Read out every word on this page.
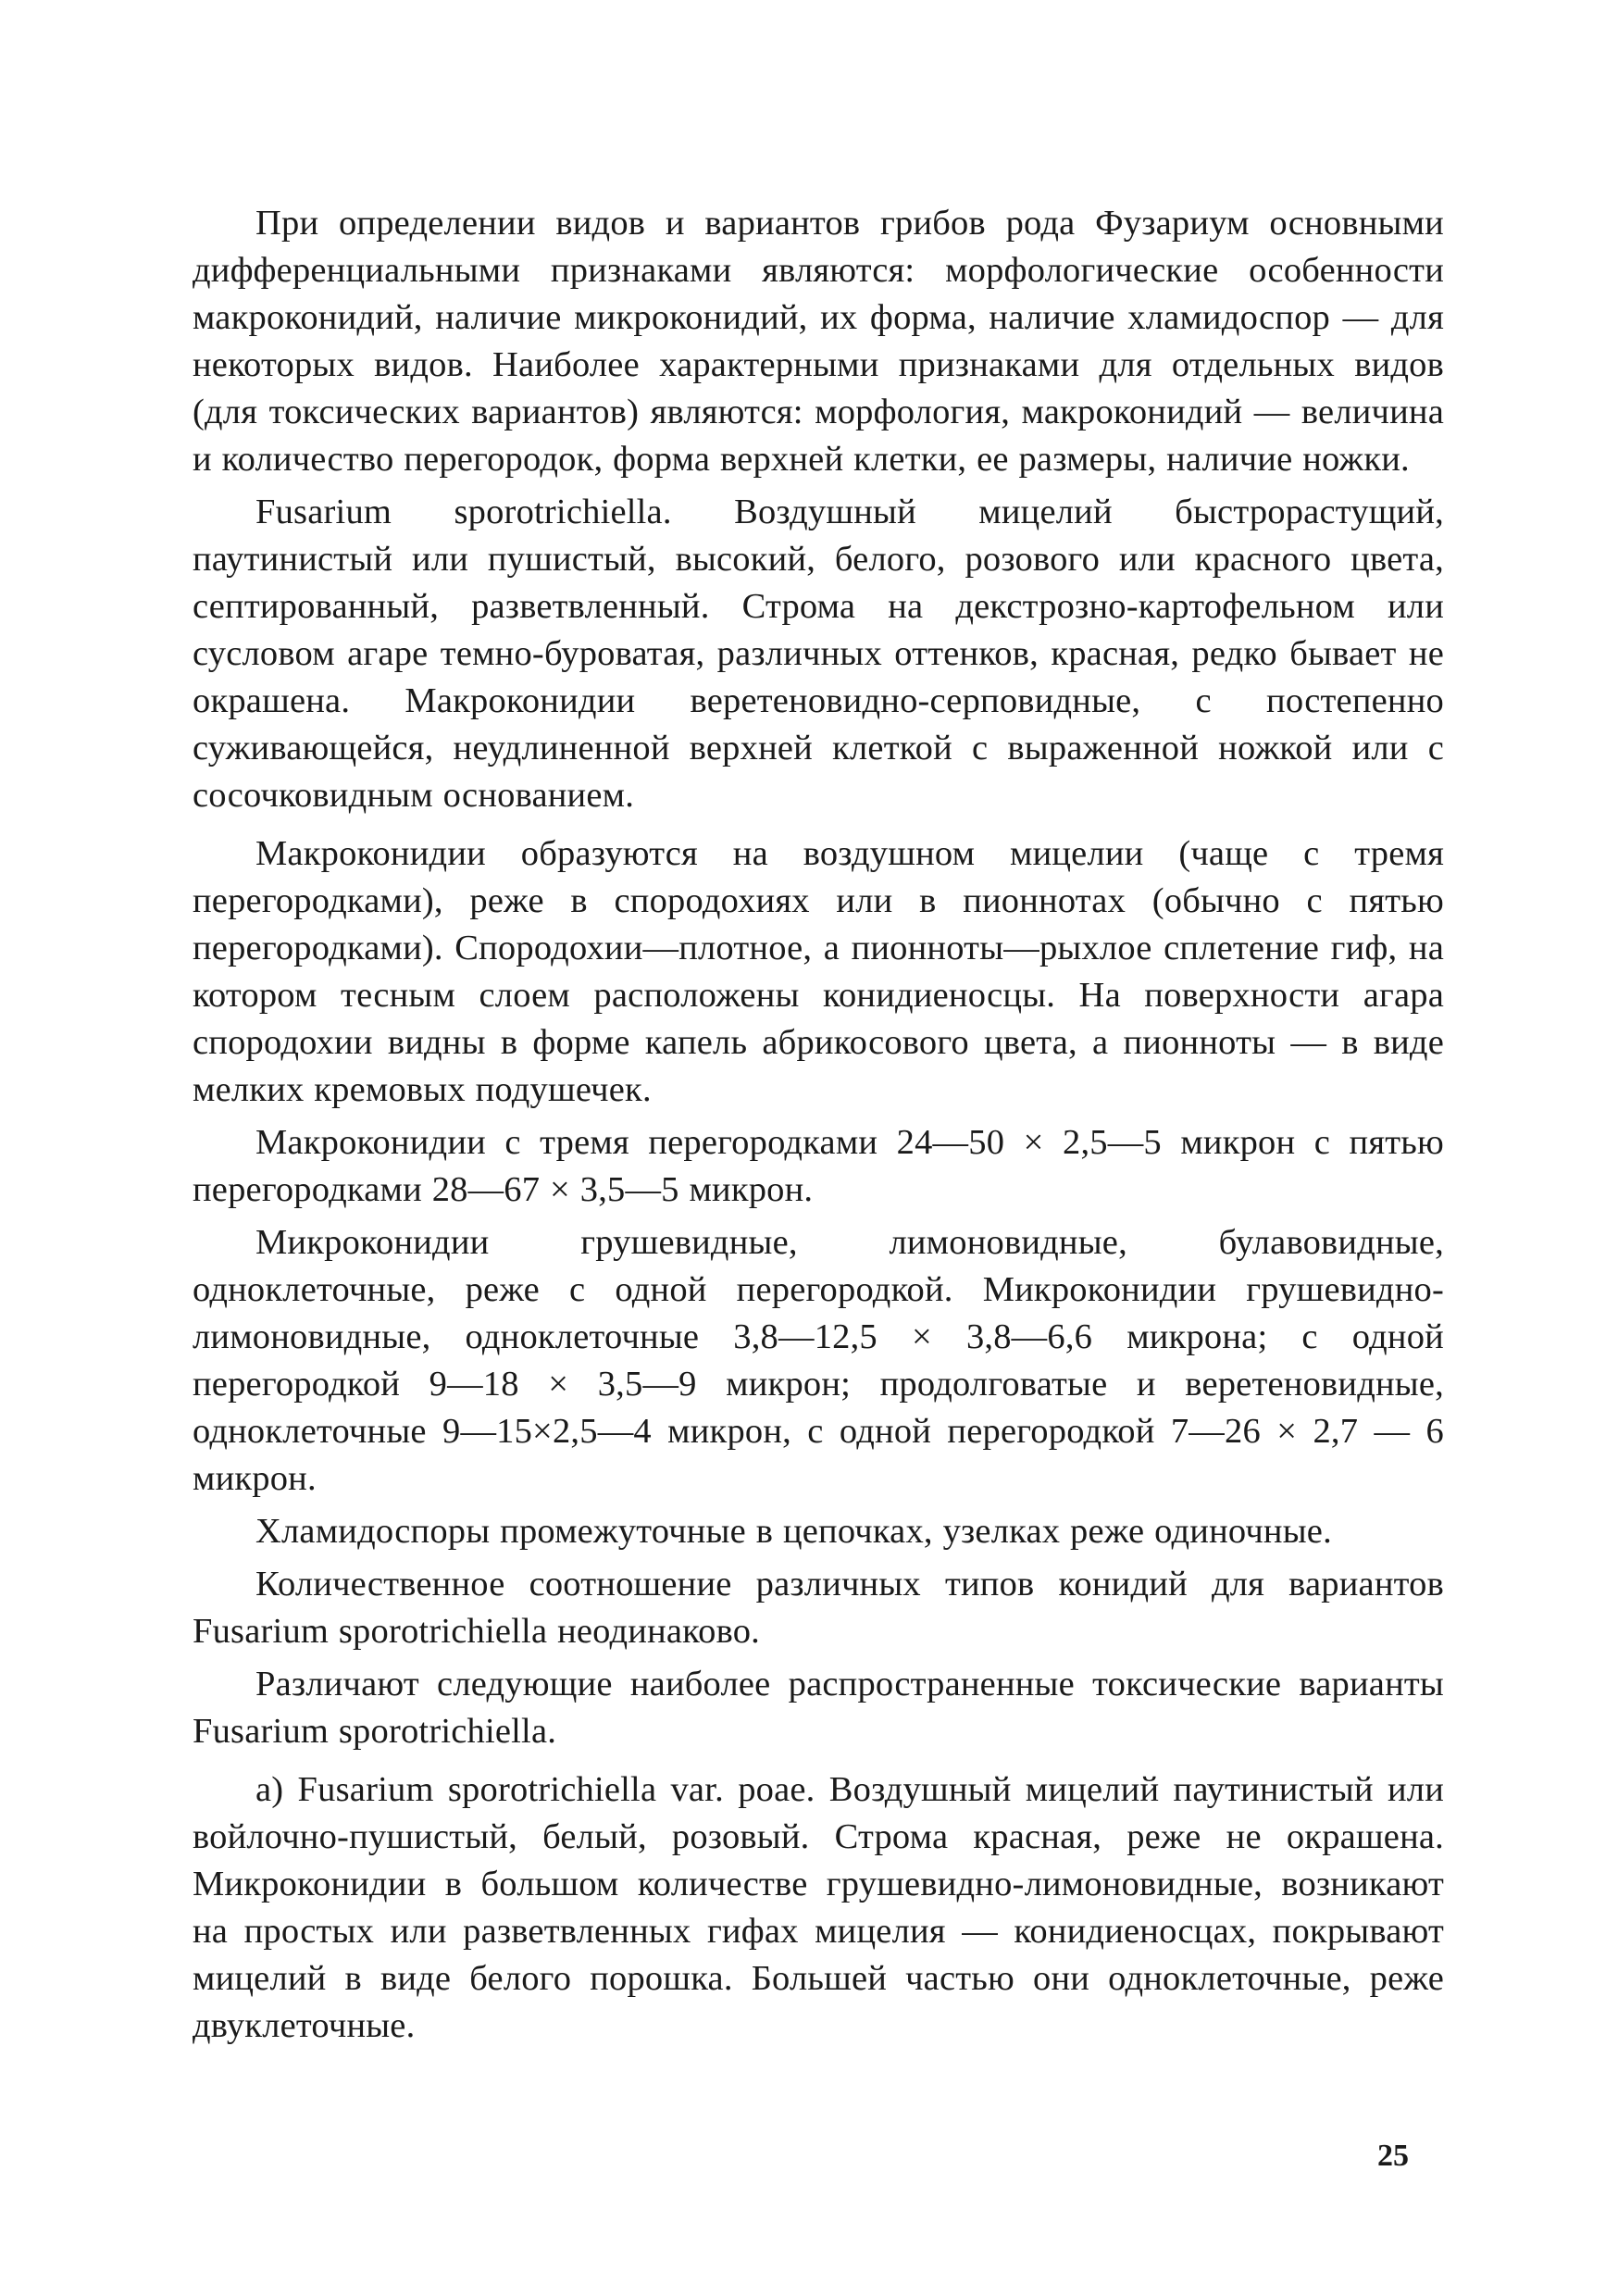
При определении видов и вариантов грибов рода Фузариум основными дифференциальными признаками являются: морфологические особенности макроконидий, наличие микроконидий, их форма, наличие хламидоспор — для некоторых видов. Наиболее характерными признаками для отдельных видов (для токсических вариантов) являются: морфология, макроконидий — величина и количество перегородок, форма верхней клетки, ее размеры, наличие ножки.

Fusarium sporotrichiella. Воздушный мицелий быстрорастущий, паутинистый или пушистый, высокий, белого, розового или красного цвета, септированный, разветвленный. Строма на декстрозно-картофельном или сусловом агаре темно-буроватая, различных оттенков, красная, редко бывает не окрашена. Макроконидии веретеновидно-серповидные, с постепенно суживающейся, неудлиненной верхней клеткой с выраженной ножкой или с сосочковидным основанием.

Макроконидии образуются на воздушном мицелии (чаще с тремя перегородками), реже в спородохиях или в пионнотах (обычно с пятью перегородками). Спородохии—плотное, а пионноты—рыхлое сплетение гиф, на котором тесным слоем расположены конидиеносцы. На поверхности агара спородохии видны в форме капель абрикосового цвета, а пионноты — в виде мелких кремовых подушечек.

Макроконидии с тремя перегородками 24—50 × 2,5—5 микрон с пятью перегородками 28—67 × 3,5—5 микрон.

Микроконидии грушевидные, лимоновидные, булавовидные, одноклеточные, реже с одной перегородкой. Микроконидии грушевидно-лимоновидные, одноклеточные 3,8—12,5 × 3,8—6,6 микрона; с одной перегородкой 9—18 × 3,5—9 микрон; продолговатые и веретеновидные, одноклеточные 9—15×2,5—4 микрон, с одной перегородкой 7—26 × 2,7 — 6 микрон.

Хламидоспоры промежуточные в цепочках, узелках реже одиночные.

Количественное соотношение различных типов конидий для вариантов Fusarium sporotrichiella неодинаково.

Различают следующие наиболее распространенные токсические варианты Fusarium sporotrichiella.

а) Fusarium sporotrichiella var. poae. Воздушный мицелий паутинистый или войлочно-пушистый, белый, розовый. Строма красная, реже не окрашена. Микроконидии в большом количестве грушевидно-лимоновидные, возникают на простых или разветвленных гифах мицелия — конидиеносцах, покрывают мицелий в виде белого порошка. Большей частью они одноклеточные, реже двуклеточные.

25
